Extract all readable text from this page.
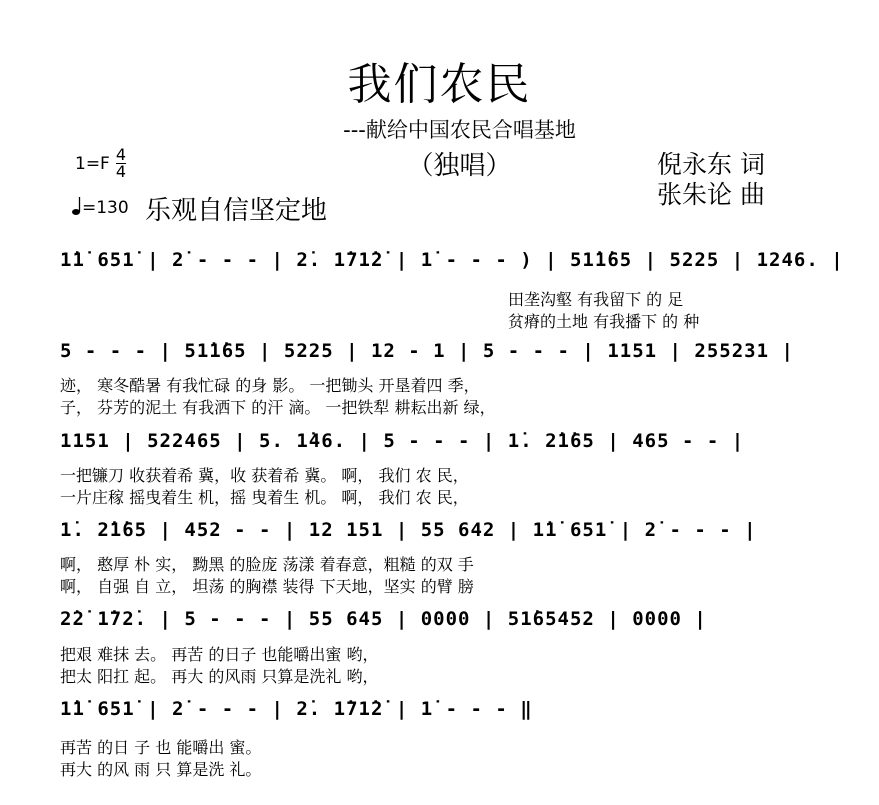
我们农民
---献给中国农民合唱基地
（独唱）
$1=F \frac{4}{4}$
=130 乐观自信坚定地
倪永东 词
张朱论 曲
1̇1̇ 651̇ | 2̇ - - - | 2̇. 1̇71̇2̇ | 1̇ - - - ) | 51̇1̇65 | 5225 | 1246. |
田垄沟壑 有我留下 的 足
贫瘠的土地 有我播下 的 种
5 - - - | 51̇1̇65 | 5225 | 12 - 1 | 5 - - - | 1151 | 255231 |
迹， 寒冬酷暑 有我忙碌 的身 影。 一把锄头 开垦着四 季，
子， 芬芳的泥土 有我洒下 的汗 滴。 一把铁犁 耕耘出新 绿，
1151 | 522465 | 5. 1̇46. | 5 - - - | 1̇. 2̇1̇65 | 465 - - |
一把镰刀 收获着希 冀，收 获着希 冀。 啊， 我们 农 民，
一片庄稼 摇曳着生 机，摇 曳着生 机。 啊， 我们 农 民，
1̇. 2̇1̇65 | 452 - - | 12 151 | 55 642 | 1̇1̇ 651̇ | 2̇ - - - |
啊， 憨厚 朴 实， 黝黑 的脸庞 荡漾 着春意，粗糙 的双 手
啊， 自强 自 立， 坦荡 的胸襟 装得 下天地，坚实 的臂 膀
2̇2̇ 1̇72̇. | 5 - - - | 55 645 | 0000 | 51̇65452 | 0000 |
把艰 难抹 去。 再苦 的日子 也能嚼出蜜 哟，
把太 阳扛 起。 再大 的风雨 只算是洗礼 哟，
1̇1̇ 651̇ | 2̇ - - - | 2̇. 1̇71̇2̇ | 1̇ - - - ‖
再苦 的日 子 也 能嚼出 蜜。
再大 的风 雨 只 算是洗 礼。
